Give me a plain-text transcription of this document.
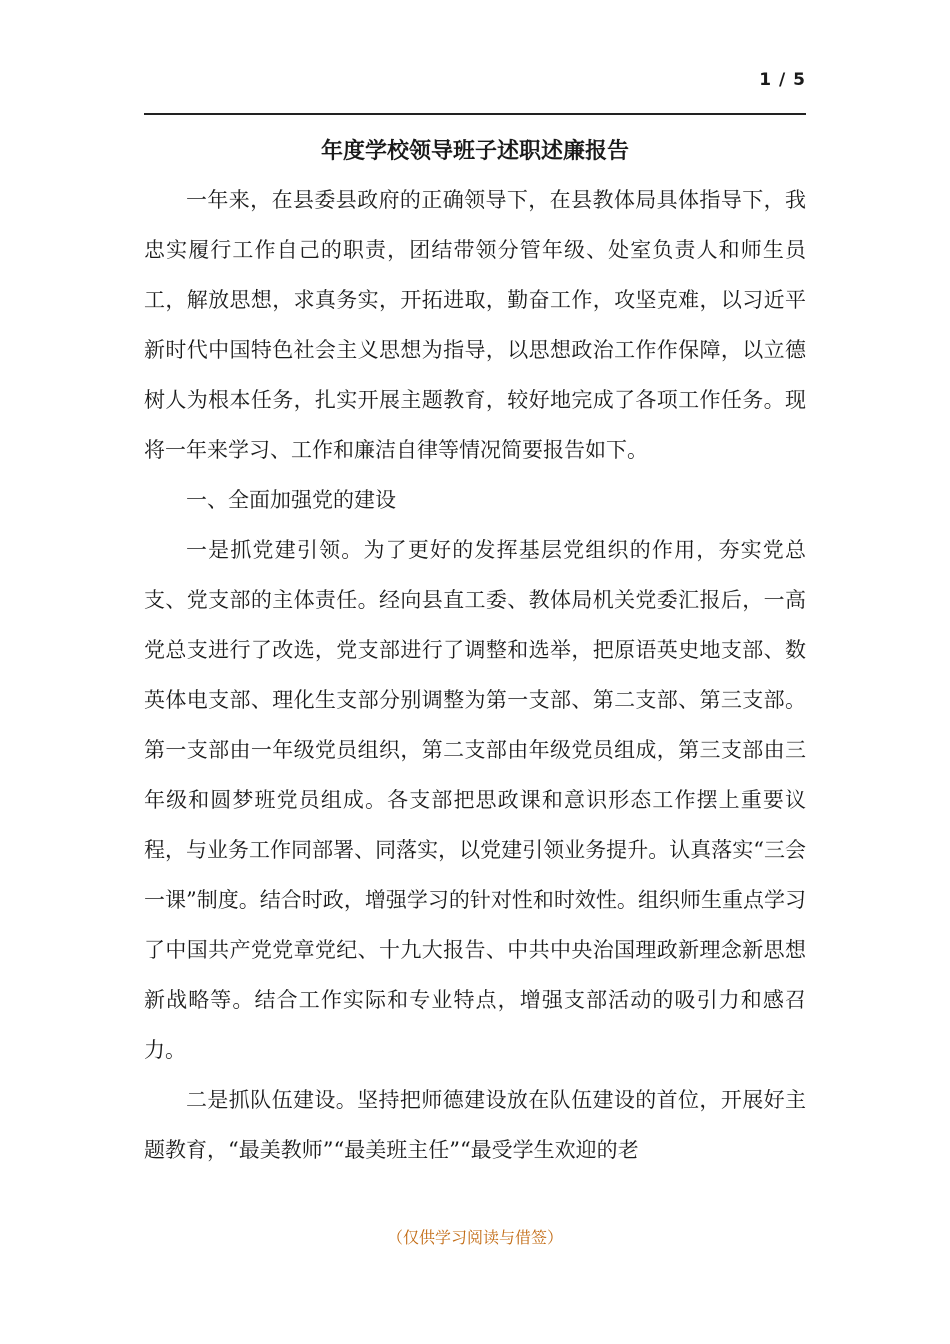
1 / 5
年度学校领导班子述职述廉报告

一年来，在县委县政府的正确领导下，在县教体局具体指导下，我忠实履行工作自己的职责，团结带领分管年级、处室负责人和师生员工，解放思想，求真务实，开拓进取，勤奋工作，攻坚克难，以习近平新时代中国特色社会主义思想为指导，以思想政治工作作保障，以立德树人为根本任务，扎实开展主题教育，较好地完成了各项工作任务。现将一年来学习、工作和廉洁自律等情况简要报告如下。

一、全面加强党的建设

一是抓党建引领。为了更好的发挥基层党组织的作用，夯实党总支、党支部的主体责任。经向县直工委、教体局机关党委汇报后，一高党总支进行了改选，党支部进行了调整和选举，把原语英史地支部、数英体电支部、理化生支部分别调整为第一支部、第二支部、第三支部。第一支部由一年级党员组织，第二支部由年级党员组成，第三支部由三年级和圆梦班党员组成。各支部把思政课和意识形态工作摆上重要议程，与业务工作同部署、同落实，以党建引领业务提升。认真落实“三会一课”制度。结合时政，增强学习的针对性和时效性。组织师生重点学习了中国共产党党章党纪、十九大报告、中共中央治国理政新理念新思想新战略等。结合工作实际和专业特点，增强支部活动的吸引力和感召力。

二是抓队伍建设。坚持把师德建设放在队伍建设的首位，开展好主题教育，“最美教师”“最美班主任”“最受学生欢迎的老

（仅供学习阅读与借签）
